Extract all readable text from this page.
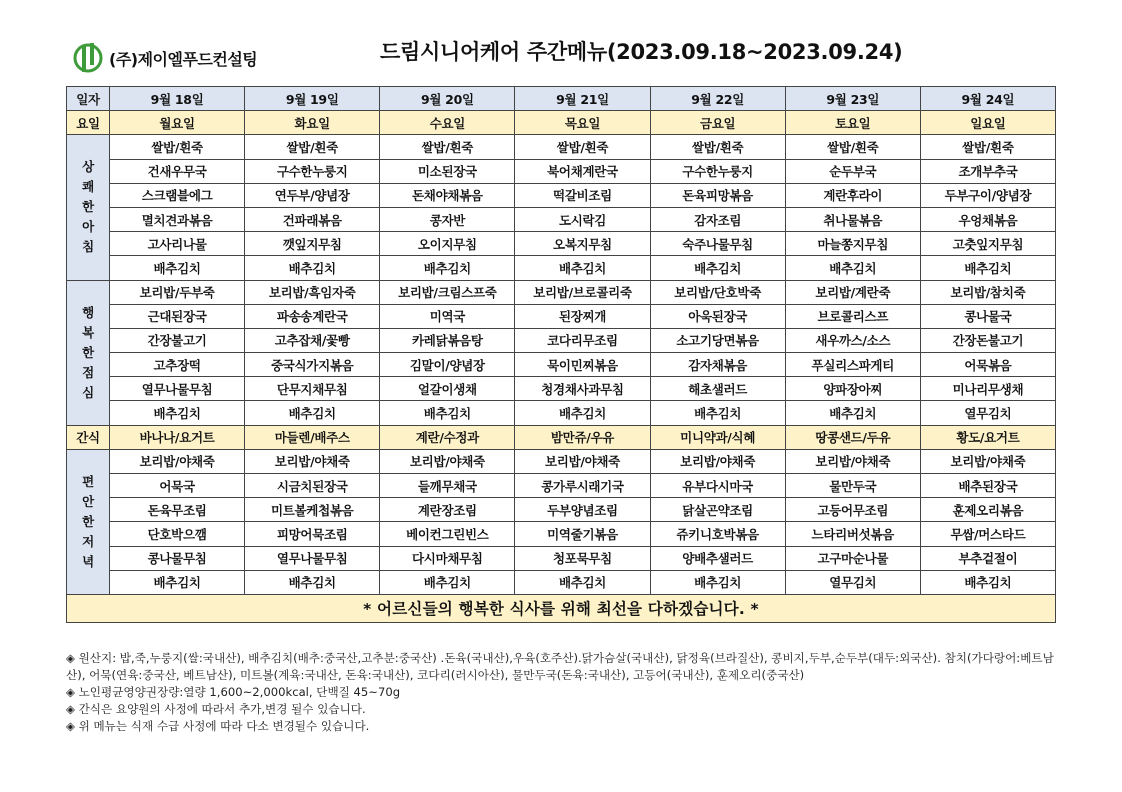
(주)제이엘푸드컨설팅	드림시니어케어 주간메뉴(2023.09.18~2023.09.24)
일자	9월 18일	9월 19일	9월 20일	9월 21일	9월 22일	9월 23일	9월 24일
요일	월요일	화요일	수요일	목요일	금요일	토요일	일요일

상
쾌
한
아
침	쌀밥/흰죽	쌀밥/흰죽	쌀밥/흰죽	쌀밥/흰죽	쌀밥/흰죽	쌀밥/흰죽	쌀밥/흰죽
	건새우무국	구수한누룽지	미소된장국	북어채계란국	구수한누룽지	순두부국	조개부추국
	스크램블에그	연두부/양념장	돈채야채볶음	떡갈비조림	돈육피망볶음	계란후라이	두부구이/양념장
	멸치견과볶음	건파래볶음	콩자반	도시락김	감자조림	취나물볶음	우엉채볶음
	고사리나물	깻잎지무침	오이지무침	오복지무침	숙주나물무침	마늘쫑지무침	고춧잎지무침
	배추김치	배추김치	배추김치	배추김치	배추김치	배추김치	배추김치

행
복
한
점
심	보리밥/두부죽	보리밥/흑임자죽	보리밥/크림스프죽	보리밥/브로콜리죽	보리밥/단호박죽	보리밥/계란죽	보리밥/참치죽
	근대된장국	파송송계란국	미역국	된장찌개	아욱된장국	브로콜리스프	콩나물국
	간장불고기	고추잡채/꽃빵	카레닭볶음탕	코다리무조림	소고기당면볶음	새우까스/소스	간장돈불고기
	고추장떡	중국식가지볶음	김말이/양념장	묵이민찌볶음	감자채볶음	푸실리스파게티	어묵볶음
	열무나물무침	단무지채무침	얼갈이생채	청경채사과무침	해초샐러드	양파장아찌	미나리무생채
	배추김치	배추김치	배추김치	배추김치	배추김치	배추김치	열무김치
간식	바나나/요거트	마들렌/배주스	계란/수정과	밤만쥬/우유	미니약과/식혜	땅콩샌드/두유	황도/요거트

편
안
한
저
녁	보리밥/야채죽	보리밥/야채죽	보리밥/야채죽	보리밥/야채죽	보리밥/야채죽	보리밥/야채죽	보리밥/야채죽
	어묵국	시금치된장국	들깨무채국	콩가루시래기국	유부다시마국	물만두국	배추된장국
	돈육무조림	미트볼케첩볶음	계란장조림	두부양념조림	닭살곤약조림	고등어무조림	훈제오리볶음
	단호박으깸	피망어묵조림	베이컨그린빈스	미역줄기볶음	쥬키니호박볶음	느타리버섯볶음	무쌈/머스타드
	콩나물무침	열무나물무침	다시마채무침	청포묵무침	양배추샐러드	고구마순나물	부추겉절이
	배추김치	배추김치	배추김치	배추김치	배추김치	열무김치	배추김치
* 어르신들의 행복한 식사를 위해 최선을 다하겠습니다. *							

◈ 원산지: 밥,죽,누룽지(쌀:국내산), 배추김치(배추:중국산,고추분:중국산) .돈육(국내산),우육(호주산).닭가슴살(국내산), 닭정육(브라질산), 콩비지,두부,순두부(대두:외국산). 참치(가다랑어:베트남산), 어묵(연육:중국산, 베트남산), 미트볼(계육:국내산, 돈육:국내산), 코다리(러시아산), 물만두국(돈육:국내산), 고등어(국내산), 훈제오리(중국산)

◈ 노인평균영양권장량:열량 1,600~2,000kcal, 단백질 45~70g

◈ 간식은 요양원의 사정에 따라서 추가,변경 될수 있습니다.

◈ 위 메뉴는 식재 수급 사정에 따라 다소 변경될수 있습니다.
